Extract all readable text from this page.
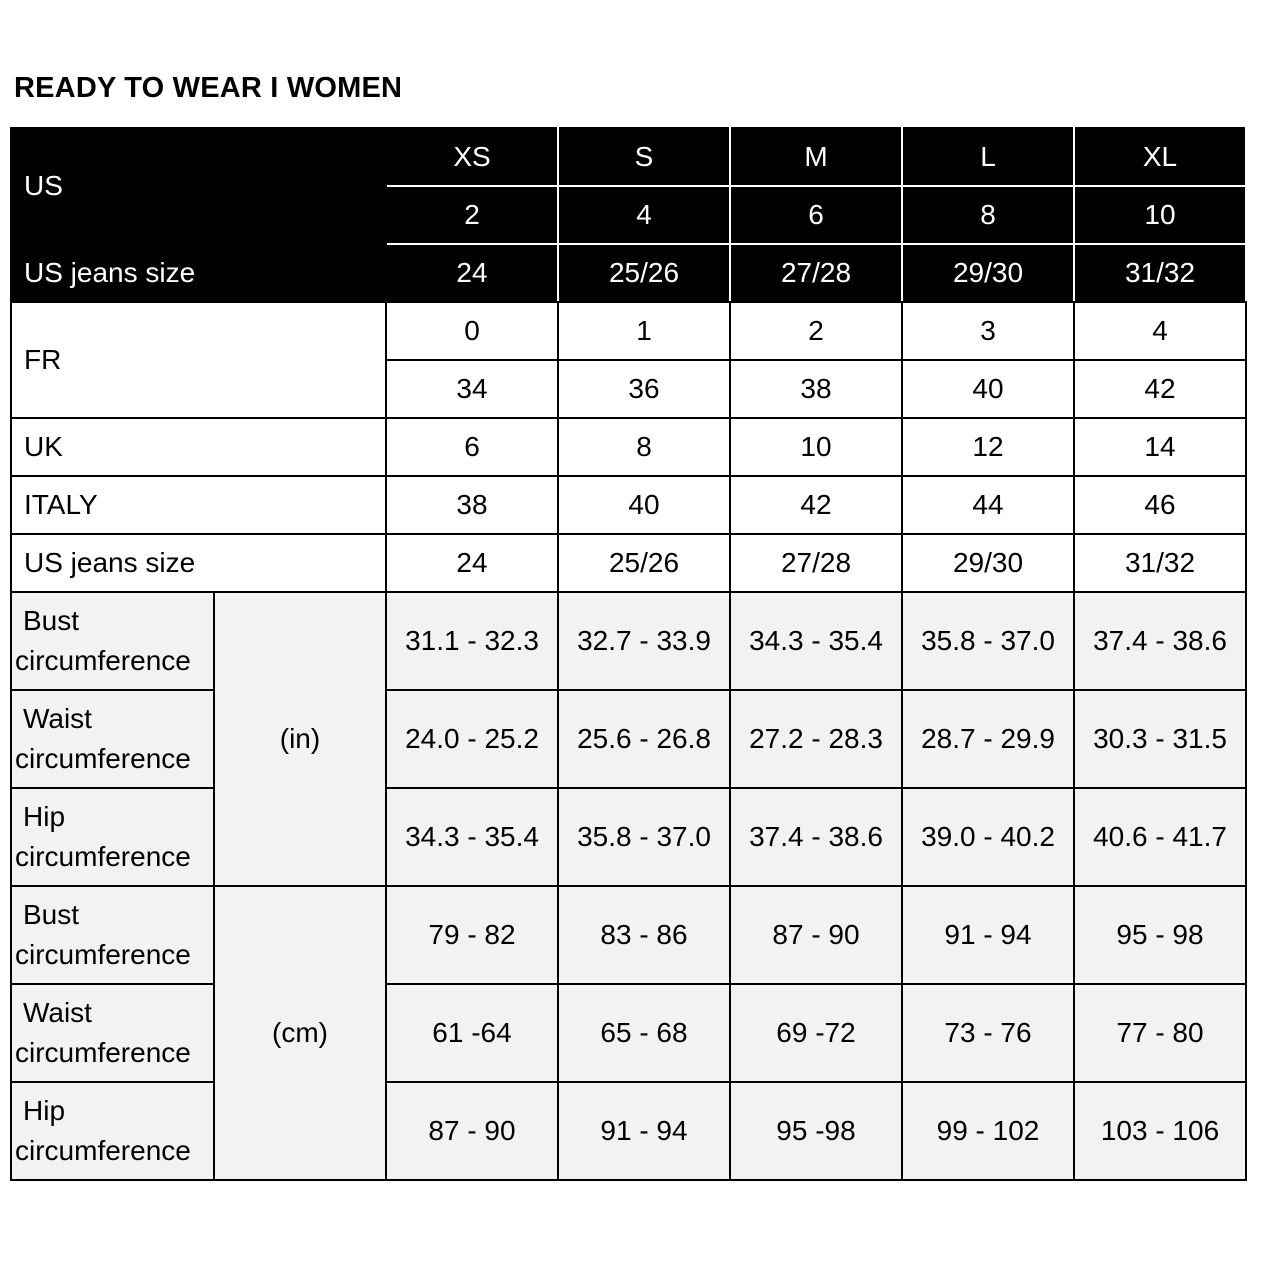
READY TO WEAR I WOMEN
US		XS	S	M	L	XL
		2	4	6	8	10
US jeans size		24	25/26	27/28	29/30	31/32
FR		0	1	2	3	4
		34	36	38	40	42
UK		6	8	10	12	14
ITALY		38	40	42	44	46
US jeans size		24	25/26	27/28	29/30	31/32

Bust
circumference	(in)	31.1 - 32.3	32.7 - 33.9	34.3 - 35.4	35.8 - 37.0	37.4 - 38.6

Waist
circumference		24.0 - 25.2	25.6 - 26.8	27.2 - 28.3	28.7 - 29.9	30.3 - 31.5

Hip
circumference		34.3 - 35.4	35.8 - 37.0	37.4 - 38.6	39.0 - 40.2	40.6 - 41.7

Bust
circumference	(cm)	79 - 82	83 - 86	87 - 90	91 - 94	95 - 98

Waist
circumference		61 -64	65 - 68	69 -72	73 - 76	77 - 80

Hip
circumference		87 - 90	91 - 94	95 -98	99 - 102	103 - 106
